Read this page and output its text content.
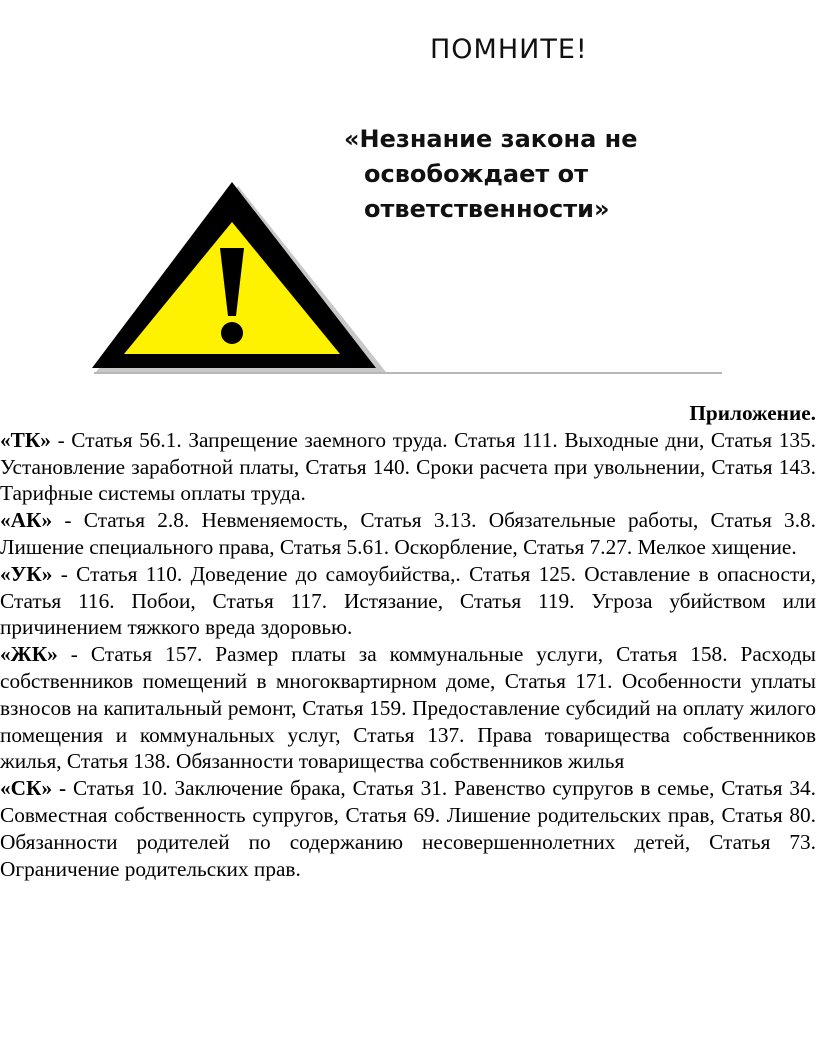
ПОМНИТЕ!
«Незнание закона не
освобождает от
ответственности»
Приложение.
«ТК» - Статья 56.1. Запрещение заемного труда. Статья 111. Выходные дни, Статья 135. Установление заработной платы, Статья 140. Сроки расчета при увольнении, Статья 143. Тарифные системы оплаты труда.
«АК» - Статья 2.8. Невменяемость, Статья 3.13. Обязательные работы, Статья 3.8. Лишение специального права, Статья 5.61. Оскорбление, Статья 7.27. Мелкое хищение.
«УК» - Статья 110. Доведение до самоубийства,. Статья 125. Оставление в опасности, Статья 116. Побои, Статья 117. Истязание, Статья 119. Угроза убийством или причинением тяжкого вреда здоровью.
«ЖК» - Статья 157. Размер платы за коммунальные услуги, Статья 158. Расходы собственников помещений в многоквартирном доме, Статья 171. Особенности уплаты взносов на капитальный ремонт, Статья 159. Предоставление субсидий на оплату жилого помещения и коммунальных услуг, Статья 137. Права товарищества собственников жилья, Статья 138. Обязанности товарищества собственников жилья
«СК» - Статья 10. Заключение брака, Статья 31. Равенство супругов в семье, Статья 34. Совместная собственность супругов, Статья 69. Лишение родительских прав, Статья 80. Обязанности родителей по содержанию несовершеннолетних детей, Статья 73. Ограничение родительских прав.
